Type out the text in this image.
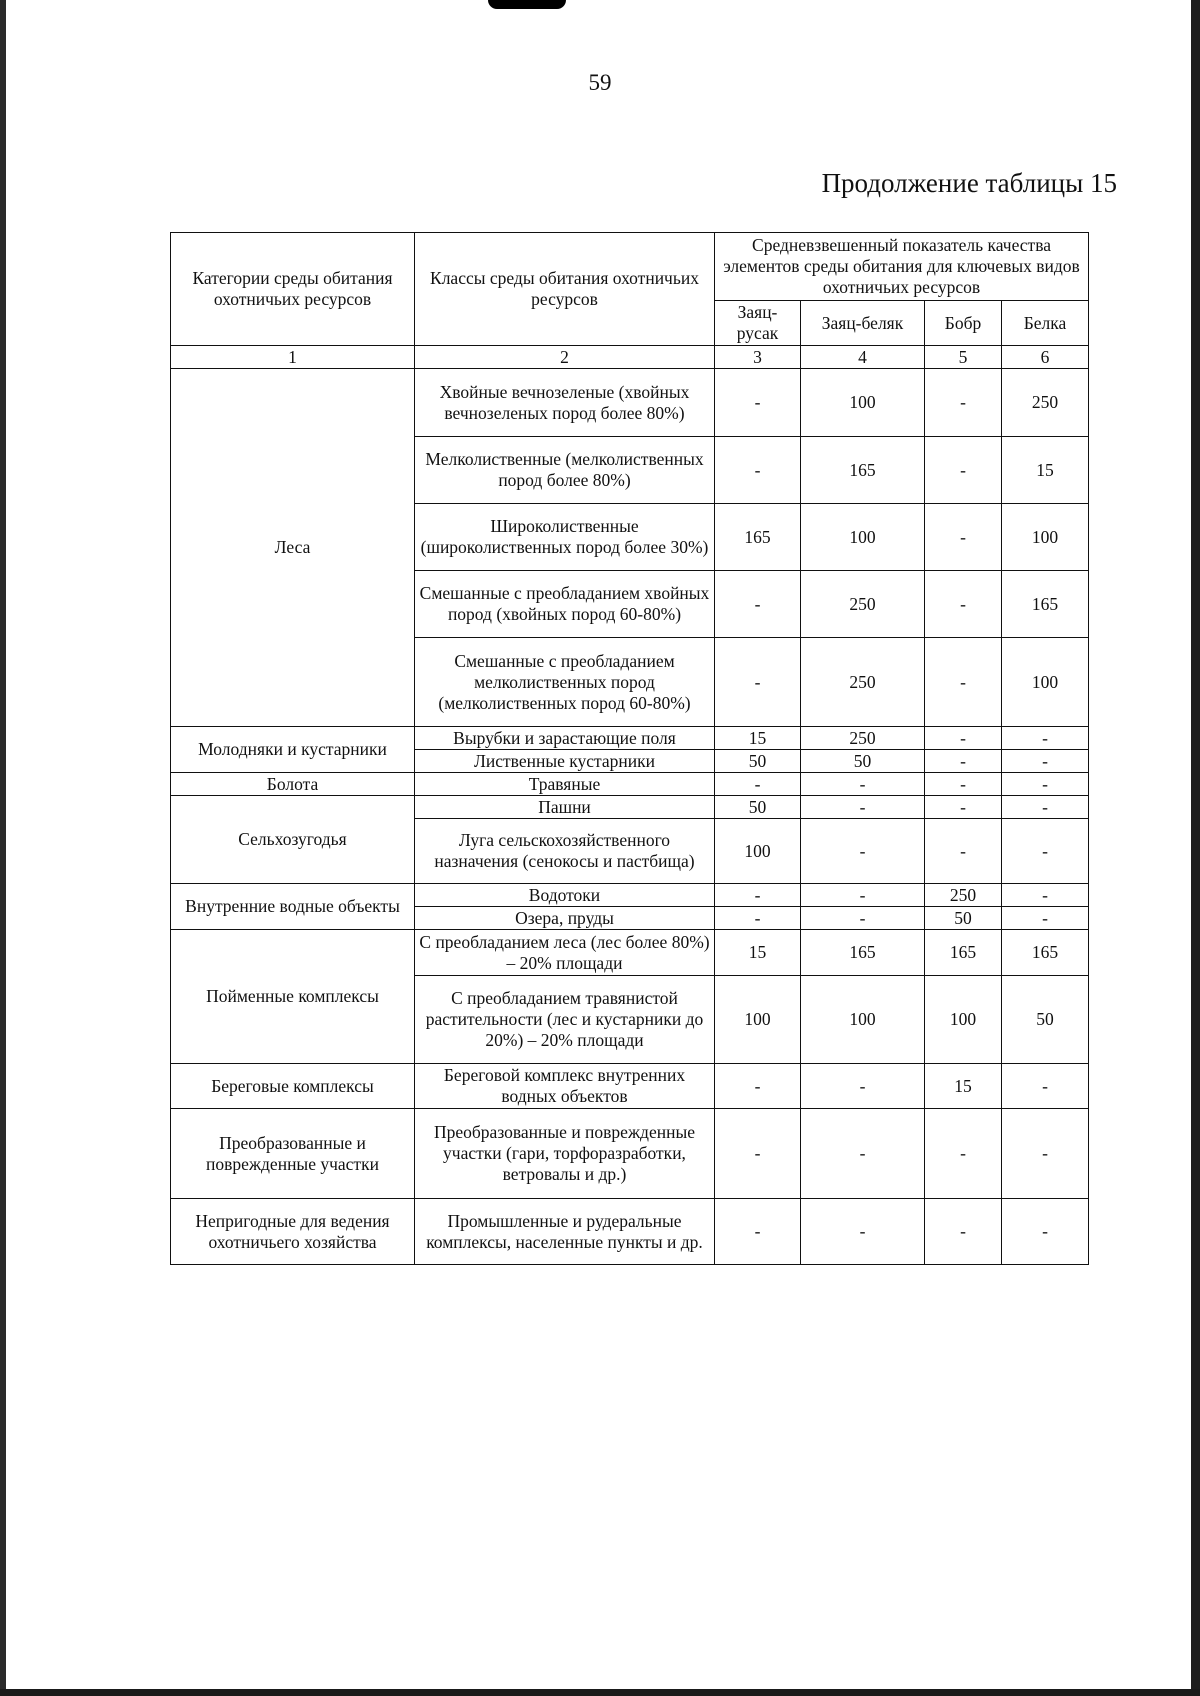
59
Продолжение таблицы 15
Категории среды обитания охотничьих ресурсов	Классы среды обитания охотничьих ресурсов	Средневзвешенный показатель качества элементов среды обитания для ключевых видов охотничьих ресурсов			
		Заяц-русак	Заяц-беляк	Бобр	Белка
1	2	3	4	5	6
Леса	Хвойные вечнозеленые (хвойных вечнозеленых пород более 80%)	-	100	-	250
	Мелколиственные (мелколиственных пород более 80%)	-	165	-	15
	Широколиственные (широколиственных пород более 30%)	165	100	-	100
	Смешанные с преобладанием хвойных пород (хвойных пород 60-80%)	-	250	-	165
	Смешанные с преобладанием мелколиственных пород (мелколиственных пород 60-80%)	-	250	-	100
Молодняки и кустарники	Вырубки и зарастающие поля	15	250	-	-
	Лиственные кустарники	50	50	-	-
Болота	Травяные	-	-	-	-
Сельхозугодья	Пашни	50	-	-	-
	Луга сельскохозяйственного назначения (сенокосы и пастбища)	100	-	-	-
Внутренние водные объекты	Водотоки	-	-	250	-
	Озера, пруды	-	-	50	-
Пойменные комплексы	С преобладанием леса (лес более 80%) – 20% площади	15	165	165	165
	С преобладанием травянистой растительности (лес и кустарники до 20%) – 20% площади	100	100	100	50
Береговые комплексы	Береговой комплекс внутренних водных объектов	-	-	15	-
Преобразованные и поврежденные участки	Преобразованные и поврежденные участки (гари, торфоразработки, ветровалы и др.)	-	-	-	-
Непригодные для ведения охотничьего хозяйства	Промышленные и рудеральные комплексы, населенные пункты и др.	-	-	-	-
